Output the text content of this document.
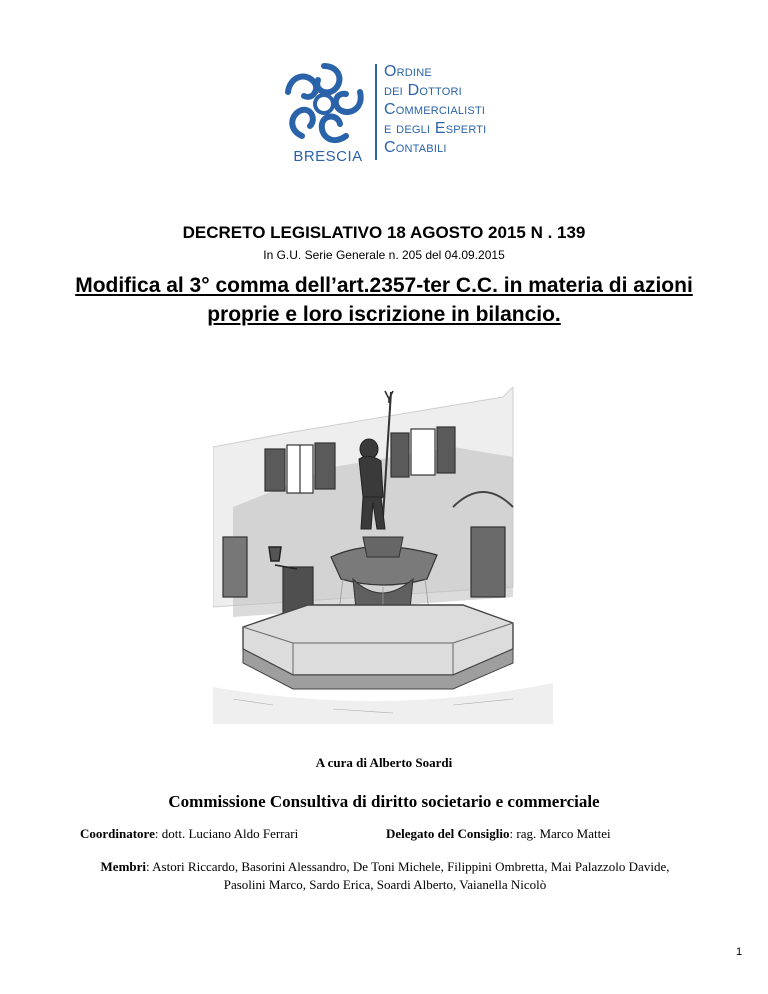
BRESCIA
Ordine
dei Dottori
Commercialisti
e degli Esperti
Contabili
DECRETO LEGISLATIVO 18 AGOSTO 2015 N . 139
In G.U. Serie Generale n. 205 del 04.09.2015
Modifica al 3° comma dell’art.2357-ter C.C. in materia di azioni proprie e loro iscrizione in bilancio.
A cura di Alberto Soardi
Commissione Consultiva di diritto societario e commerciale
Coordinatore: dott. Luciano Aldo Ferrari	Delegato del Consiglio: rag. Marco Mattei
Membri: Astori Riccardo, Basorini Alessandro, De Toni Michele, Filippini Ombretta, Mai Palazzolo Davide, Pasolini Marco, Sardo Erica, Soardi Alberto, Vaianella Nicolò
1
